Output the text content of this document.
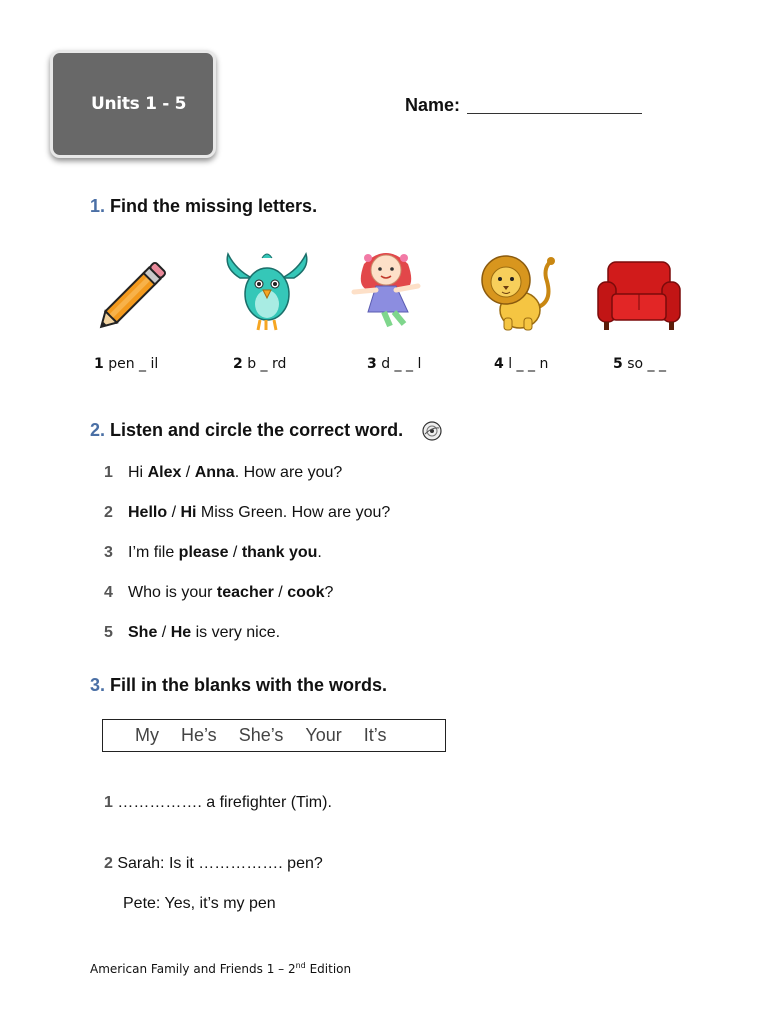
Units 1 - 5	Name:
1. Find the missing letters.
1 pen _ il	2 b _ rd	3 d _ _ l	4 l _ _ n	5 so _ _
2. Listen and circle the correct word.
1 Hi Alex / Anna. How are you?
2 Hello / Hi Miss Green. How are you?
3 I’m file please / thank you.
4 Who is your teacher / cook?
5 She / He is very nice.
3. Fill in the blanks with the words.
My He’s She’s Your It’s
1 ……………. a firefighter (Tim).
2 Sarah: Is it ……………. pen?
Pete: Yes, it’s my pen
American Family and Friends 1 – 2nd Edition
